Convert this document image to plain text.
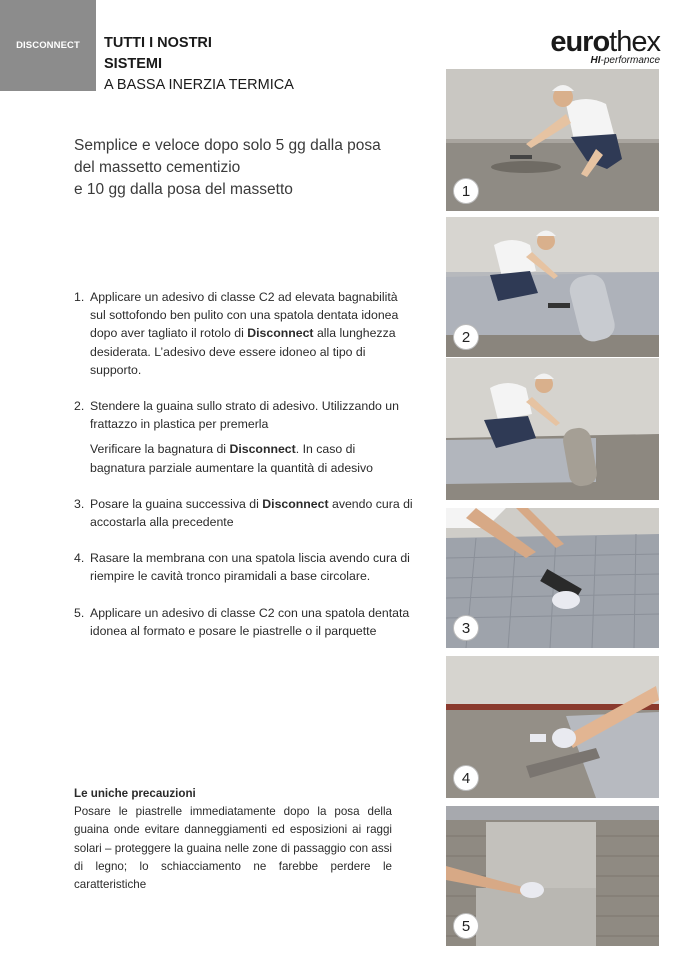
DISCONNECT TUTTI I NOSTRI
SISTEMI
A BASSA INERZIA TERMICA
eurothex
HI-performance
Semplice e veloce dopo solo 5 gg dalla posa
del massetto cementizio
e 10 gg dalla posa del massetto
1. Applicare un adesivo di classe C2 ad elevata bagnabilità sul sottofondo ben pulito con una spatola dentata idonea dopo aver tagliato il rotolo di Disconnect alla lunghezza desiderata. L’adesivo deve essere idoneo al tipo di supporto.

2. Stendere la guaina sullo strato di adesivo. Utilizzando un frattazzo in plastica per premerla

Verificare la bagnatura di Disconnect. In caso di bagnatura parziale aumentare la quantità di adesivo

3. Posare la guaina successiva di Disconnect avendo cura di accostarla alla precedente

4. Rasare la membrana con una spatola liscia avendo cura di riempire le cavità tronco piramidali a base circolare.

5. Applicare un adesivo di classe C2 con una spatola dentata idonea al formato e posare le piastrelle o il parquette

Le uniche precauzioni
Posare le piastrelle immediatamente dopo la posa della guaina onde evitare danneggiamenti ed esposizioni ai raggi solari – proteggere la guaina nelle zone di passaggio con assi di legno; lo schiacciamento ne farebbe perdere le caratteristiche
1
2
3
4
5
